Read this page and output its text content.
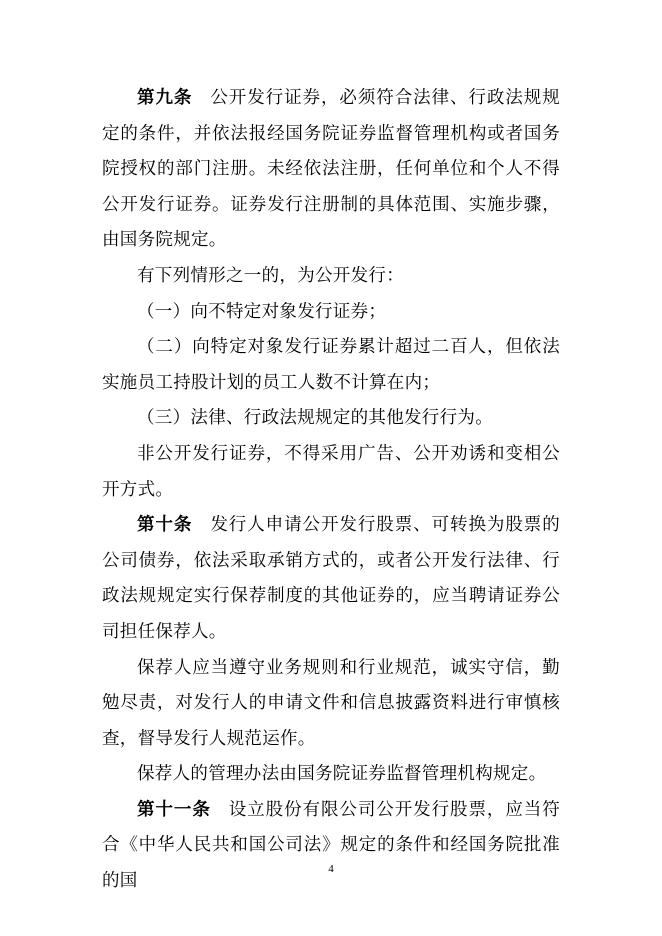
第九条 公开发行证券，必须符合法律、行政法规规定的条件，并依法报经国务院证券监督管理机构或者国务院授权的部门注册。未经依法注册，任何单位和个人不得公开发行证券。证券发行注册制的具体范围、实施步骤，由国务院规定。

有下列情形之一的，为公开发行：

（一）向不特定对象发行证券；

（二）向特定对象发行证券累计超过二百人，但依法实施员工持股计划的员工人数不计算在内；

（三）法律、行政法规规定的其他发行行为。

非公开发行证券，不得采用广告、公开劝诱和变相公开方式。

第十条 发行人申请公开发行股票、可转换为股票的公司债券，依法采取承销方式的，或者公开发行法律、行政法规规定实行保荐制度的其他证券的，应当聘请证券公司担任保荐人。

保荐人应当遵守业务规则和行业规范，诚实守信，勤勉尽责，对发行人的申请文件和信息披露资料进行审慎核查，督导发行人规范运作。

保荐人的管理办法由国务院证券监督管理机构规定。

第十一条 设立股份有限公司公开发行股票，应当符合《中华人民共和国公司法》规定的条件和经国务院批准的国

4
